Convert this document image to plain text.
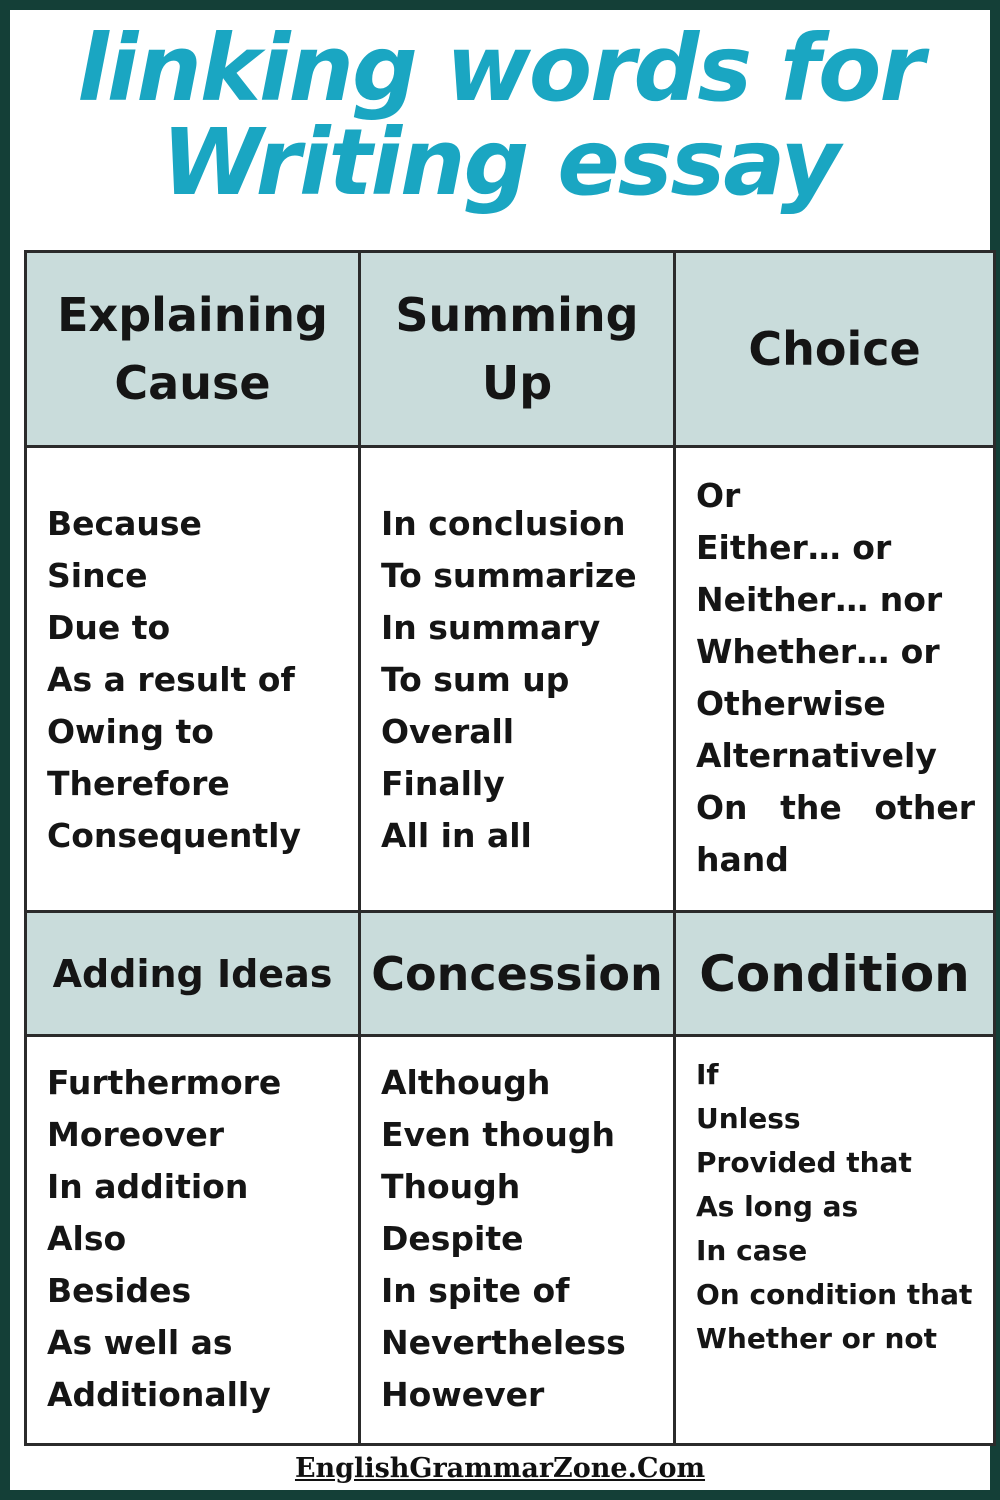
linking words for
Writing essay
Explaining Cause
Summing Up
Choice
Because
Since
Due to
As a result of
Owing to
Therefore
Consequently
In conclusion
To summarize
In summary
To sum up
Overall
Finally
All in all
Or
Either… or
Neither… nor
Whether… or
Otherwise
Alternatively
On the other hand
Adding Ideas Concession Condition
Furthermore
Moreover
In addition
Also
Besides
As well as
Additionally
Although
Even though
Though
Despite
In spite of
Nevertheless
However
If
Unless
Provided that
As long as
In case
On condition that
Whether or not
EnglishGrammarZone.Com
